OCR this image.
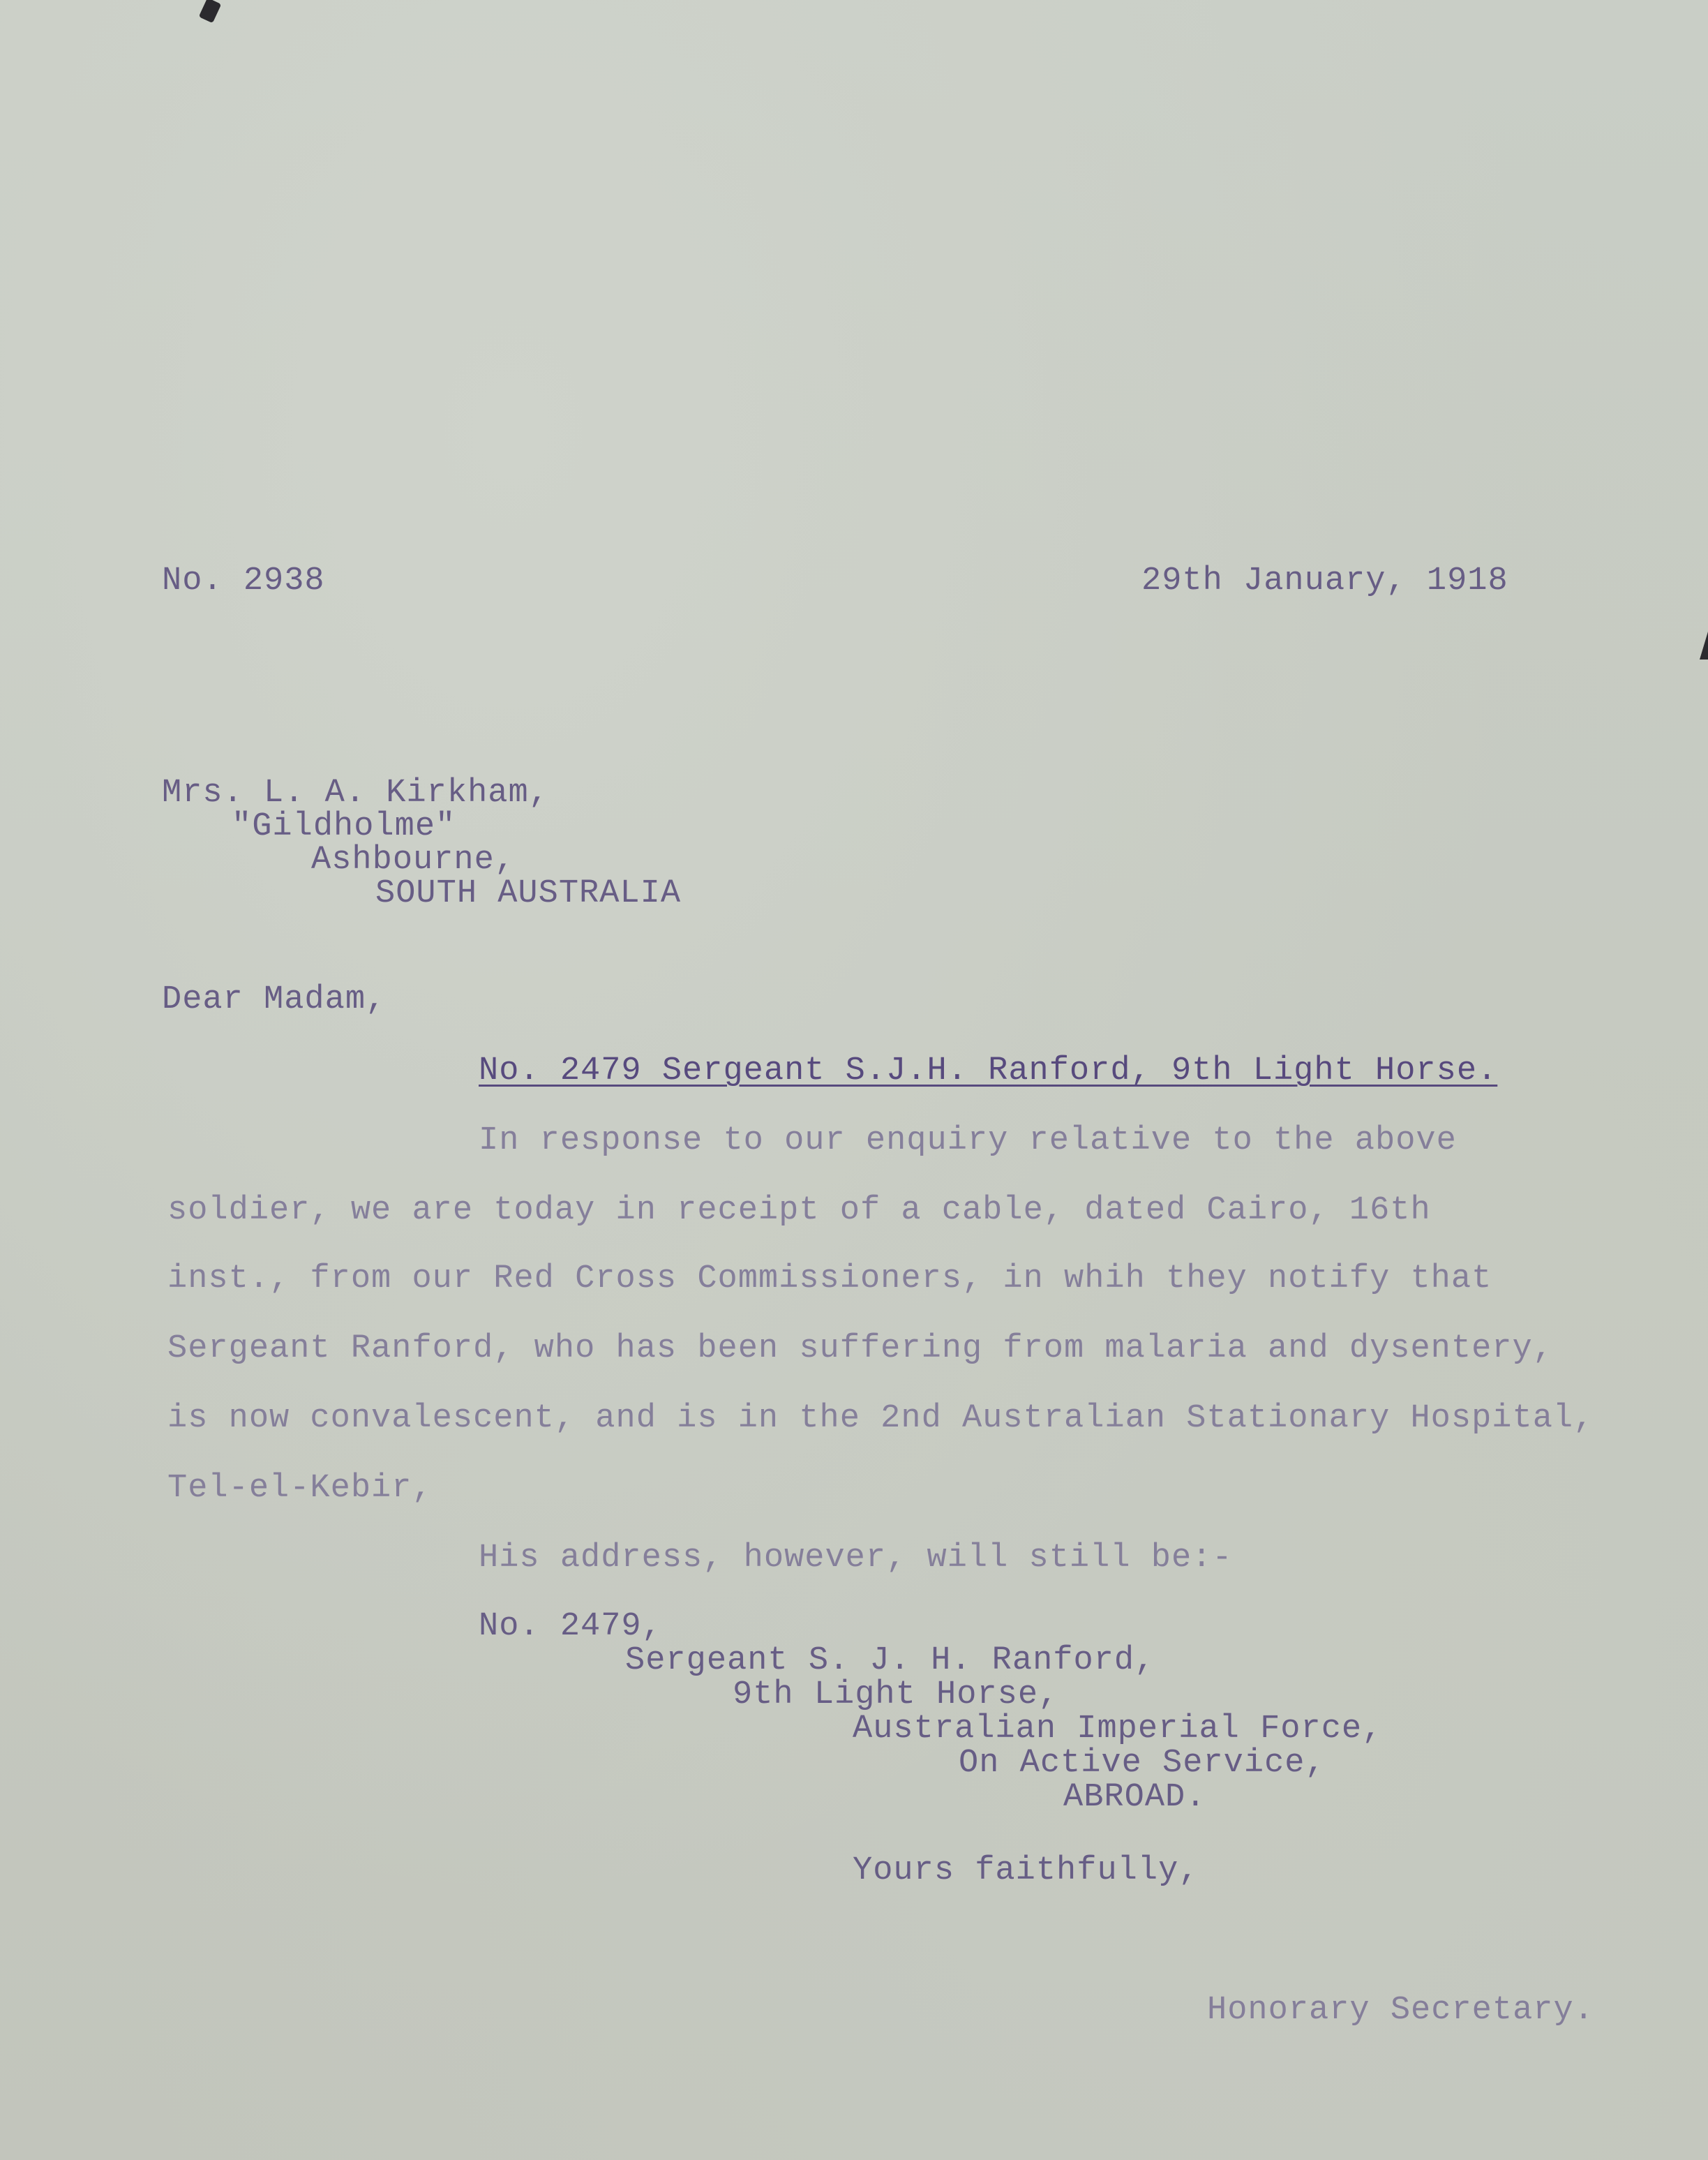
No. 2938	29th January, 1918
Mrs. L. A. Kirkham,
"Gildholme"
Ashbourne,
SOUTH AUSTRALIA
Dear Madam,
No. 2479 Sergeant S.J.H. Ranford, 9th Light Horse.
In response to our enquiry relative to the above
soldier, we are today in receipt of a cable, dated Cairo, 16th
inst., from our Red Cross Commissioners, in whih they notify that
Sergeant Ranford, who has been suffering from malaria and dysentery,
is now convalescent, and is in the 2nd Australian Stationary Hospital,
Tel-el-Kebir,
His address, however, will still be:-
No. 2479,
Sergeant S. J. H. Ranford,
9th Light Horse,
Australian Imperial Force,
On Active Service,
ABROAD.
Yours faithfully,
Honorary Secretary.
